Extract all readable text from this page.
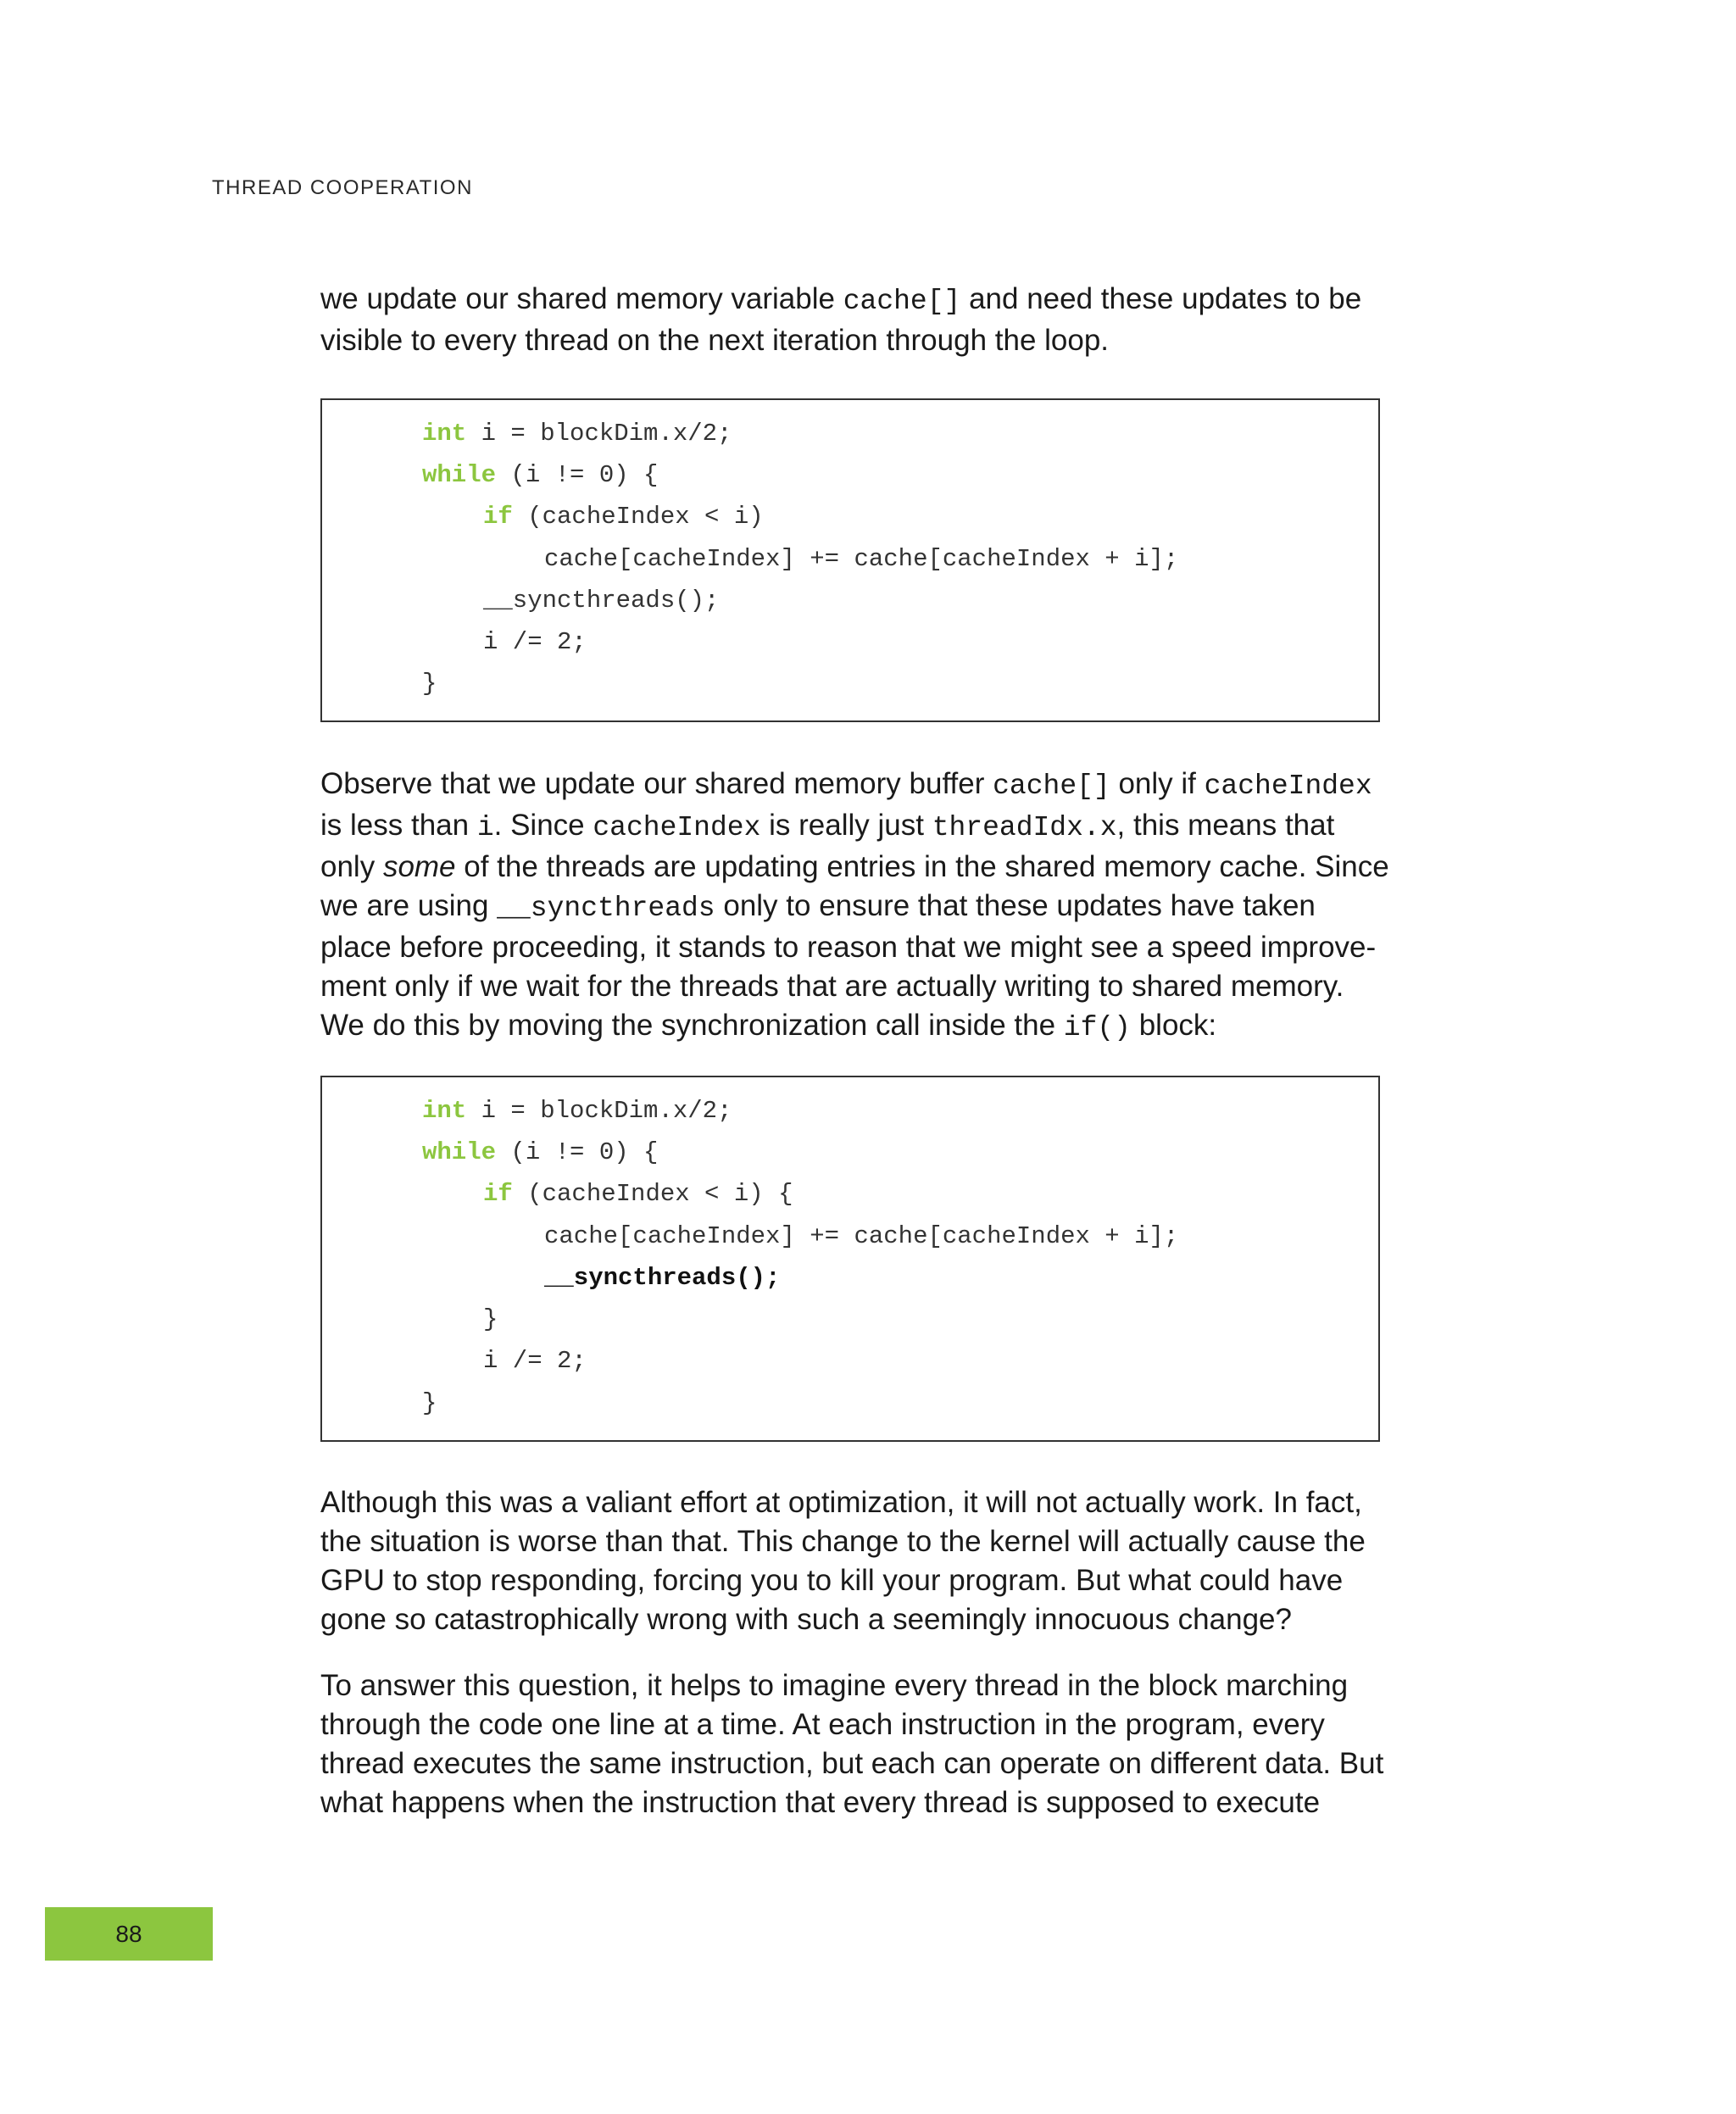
THREAD COOPERATION

we update our shared memory variable cache[] and need these updates to be visible to every thread on the next iteration through the loop.

int i = blockDim.x/2;
while (i != 0) {
if (cacheIndex < i)
cache[cacheIndex] += cache[cacheIndex + i];
__syncthreads();
i /= 2;
}

Observe that we update our shared memory buffer cache[] only if cacheIndex is less than i. Since cacheIndex is really just threadIdx.x, this means that only some of the threads are updating entries in the shared memory cache. Since we are using __syncthreads only to ensure that these updates have taken place before proceeding, it stands to reason that we might see a speed improve-ment only if we wait for the threads that are actually writing to shared memory. We do this by moving the synchronization call inside the if() block:

int i = blockDim.x/2;
while (i != 0) {
if (cacheIndex < i) {
cache[cacheIndex] += cache[cacheIndex + i];
__syncthreads();
}
i /= 2;
}

Although this was a valiant effort at optimization, it will not actually work. In fact, the situation is worse than that. This change to the kernel will actually cause the GPU to stop responding, forcing you to kill your program. But what could have gone so catastrophically wrong with such a seemingly innocuous change?

To answer this question, it helps to imagine every thread in the block marching through the code one line at a time. At each instruction in the program, every thread executes the same instruction, but each can operate on different data. But what happens when the instruction that every thread is supposed to execute

88
